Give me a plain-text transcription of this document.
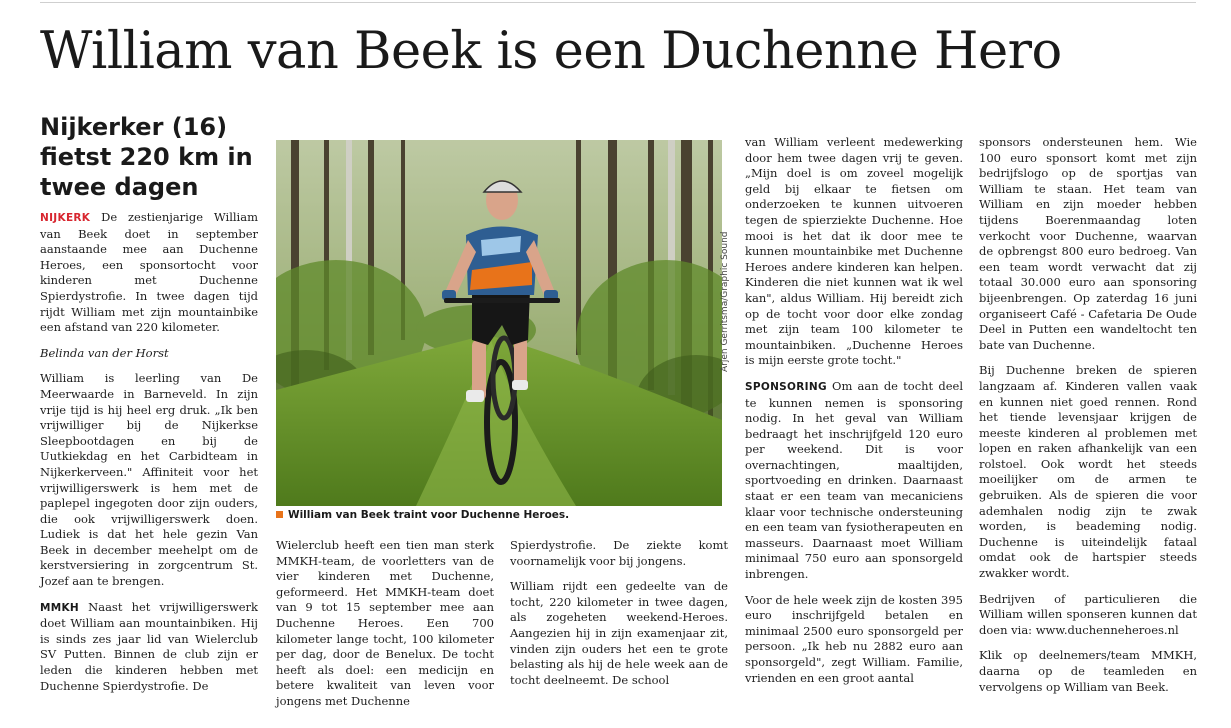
William van Beek is een Duchenne Hero
Nijkerker (16) fietst 220 km in twee dagen

NIJKERK De zestienjarige William van Beek doet in september aanstaande mee aan Duchenne Heroes, een sponsortocht voor kinderen met Duchenne Spierdystrofie. In twee dagen tijd rijdt William met zijn mountainbike een afstand van 220 kilometer.

Belinda van der Horst

William is leerling van De Meerwaarde in Barneveld. In zijn vrije tijd is hij heel erg druk. „Ik ben vrijwilliger bij de Nijkerkse Sleepbootdagen en bij de Uutkiekdag en het Carbidteam in Nijkerkerveen." Affiniteit voor het vrijwilligerswerk is hem met de paplepel ingegoten door zijn ouders, die ook vrijwilligerswerk doen. Ludiek is dat het hele gezin Van Beek in december meehelpt om de kerstversiering in zorgcentrum St. Jozef aan te brengen.

MMKH Naast het vrijwilligerswerk doet William aan mountainbiken. Hij is sinds zes jaar lid van Wielerclub SV Putten. Binnen de club zijn er leden die kinderen hebben met Duchenne Spierdystrofie. De

Arjen Gerritsma/Graphic Sound
William van Beek traint voor Duchenne Heroes.

Wielerclub heeft een tien man sterk MMKH-team, de voorletters van de vier kinderen met Duchenne, geformeerd. Het MMKH-team doet van 9 tot 15 september mee aan Duchenne Heroes. Een 700 kilometer lange tocht, 100 kilometer per dag, door de Benelux. De tocht heeft als doel: een medicijn en betere kwaliteit van leven voor jongens met Duchenne

Spierdystrofie. De ziekte komt voornamelijk voor bij jongens.

William rijdt een gedeelte van de tocht, 220 kilometer in twee dagen, als zogeheten weekend-Heroes. Aangezien hij in zijn examenjaar zit, vinden zijn ouders het een te grote belasting als hij de hele week aan de tocht deelneemt. De school

van William verleent medewerking door hem twee dagen vrij te geven. „Mijn doel is om zoveel mogelijk geld bij elkaar te fietsen om onderzoeken te kunnen uitvoeren tegen de spierziekte Duchenne. Hoe mooi is het dat ik door mee te kunnen mountainbike met Duchenne Heroes andere kinderen kan helpen. Kinderen die niet kunnen wat ik wel kan", aldus William. Hij bereidt zich op de tocht voor door elke zondag met zijn team 100 kilometer te mountainbiken. „Duchenne Heroes is mijn eerste grote tocht."

SPONSORING Om aan de tocht deel te kunnen nemen is sponsoring nodig. In het geval van William bedraagt het inschrijfgeld 120 euro per weekend. Dit is voor overnachtingen, maaltijden, sportvoeding en drinken. Daarnaast staat er een team van mecaniciens klaar voor technische ondersteuning en een team van fysiotherapeuten en masseurs. Daarnaast moet William minimaal 750 euro aan sponsorgeld inbrengen.

Voor de hele week zijn de kosten 395 euro inschrijfgeld betalen en minimaal 2500 euro sponsorgeld per persoon. „Ik heb nu 2882 euro aan sponsorgeld", zegt William. Familie, vrienden en een groot aantal

sponsors ondersteunen hem. Wie 100 euro sponsort komt met zijn bedrijfslogo op de sportjas van William te staan. Het team van William en zijn moeder hebben tijdens Boerenmaandag loten verkocht voor Duchenne, waarvan de opbrengst 800 euro bedroeg. Van een team wordt verwacht dat zij totaal 30.000 euro aan sponsoring bijeenbrengen. Op zaterdag 16 juni organiseert Café - Cafetaria De Oude Deel in Putten een wandeltocht ten bate van Duchenne.

Bij Duchenne breken de spieren langzaam af. Kinderen vallen vaak en kunnen niet goed rennen. Rond het tiende levensjaar krijgen de meeste kinderen al problemen met lopen en raken afhankelijk van een rolstoel. Ook wordt het steeds moeilijker om de armen te gebruiken. Als de spieren die voor ademhalen nodig zijn te zwak worden, is beademing nodig. Duchenne is uiteindelijk fataal omdat ook de hartspier steeds zwakker wordt.

Bedrijven of particulieren die William willen sponseren kunnen dat doen via: www.duchenneheroes.nl

Klik op deelnemers/team MMKH, daarna op de teamleden en vervolgens op William van Beek.
